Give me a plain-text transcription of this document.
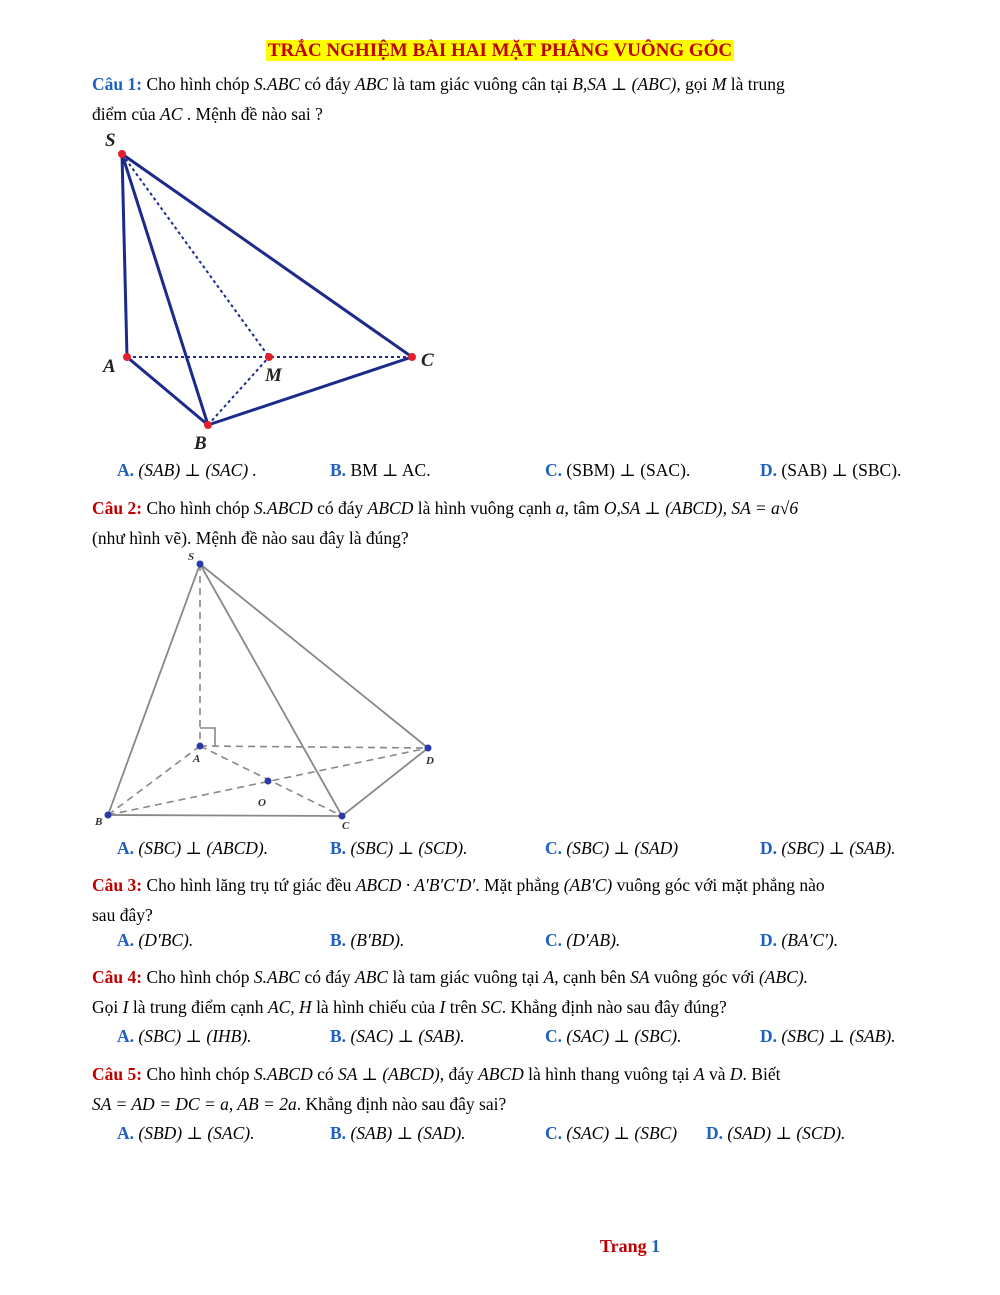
TRẮC NGHIỆM BÀI HAI MẶT PHẲNG VUÔNG GÓC
Câu 1: Cho hình chóp S.ABC có đáy ABC là tam giác vuông cân tại B,SA ⊥ (ABC), gọi M là trung
điểm của AC . Mệnh đề nào sai ?
S
A	M
C
B
A. (SAB) ⊥ (SAC) .	B. BM ⊥ AC.	C. (SBM) ⊥ (SAC).	D. (SAB) ⊥ (SBC).
Câu 2: Cho hình chóp S.ABCD có đáy ABCD là hình vuông cạnh a, tâm O,SA ⊥ (ABCD), SA = a√6
(như hình vẽ). Mệnh đề nào sau đây là đúng?
S
A	D
O
B	C
A. (SBC) ⊥ (ABCD).	B. (SBC) ⊥ (SCD).	C. (SBC) ⊥ (SAD)	D. (SBC) ⊥ (SAB).
Câu 3: Cho hình lăng trụ tứ giác đều ABCD · A′B′C′D′. Mặt phẳng (AB′C) vuông góc với mặt phẳng nào
sau đây?
A. (D′BC).	B. (B′BD).	C. (D′AB).	D. (BA′C′).
Câu 4: Cho hình chóp S.ABC có đáy ABC là tam giác vuông tại A, cạnh bên SA vuông góc với (ABC).
Gọi I là trung điểm cạnh AC, H là hình chiếu của I trên SC. Khẳng định nào sau đây đúng?
A. (SBC) ⊥ (IHB).	B. (SAC) ⊥ (SAB).	C. (SAC) ⊥ (SBC).	D. (SBC) ⊥ (SAB).
Câu 5: Cho hình chóp S.ABCD có SA ⊥ (ABCD), đáy ABCD là hình thang vuông tại A và D. Biết
SA = AD = DC = a, AB = 2a. Khẳng định nào sau đây sai?
A. (SBD) ⊥ (SAC).	B. (SAB) ⊥ (SAD).	C. (SAC) ⊥ (SBC) D. (SAD) ⊥ (SCD).
Trang 1
